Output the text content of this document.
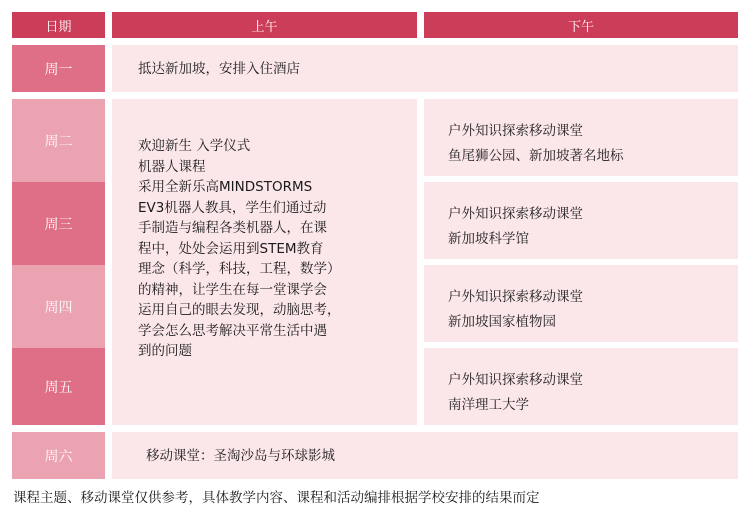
日期	上午	下午
周一
周二
周三
周四
周五
周六
抵达新加坡，安排入住酒店
欢迎新生 入学仪式
机器人课程
采用全新乐高MINDSTORMS
EV3机器人教具，学生们通过动
手制造与编程各类机器人，在课
程中，处处会运用到STEM教育
理念（科学，科技，工程，数学）
的精神，让学生在每一堂课学会
运用自己的眼去发现，动脑思考，
学会怎么思考解决平常生活中遇
到的问题
户外知识探索移动课堂
鱼尾狮公园、新加坡著名地标
户外知识探索移动课堂
新加坡科学馆
户外知识探索移动课堂
新加坡国家植物园
户外知识探索移动课堂
南洋理工大学
移动课堂：圣淘沙岛与环球影城
课程主题、移动课堂仅供参考，具体教学内容、课程和活动编排根据学校安排的结果而定
